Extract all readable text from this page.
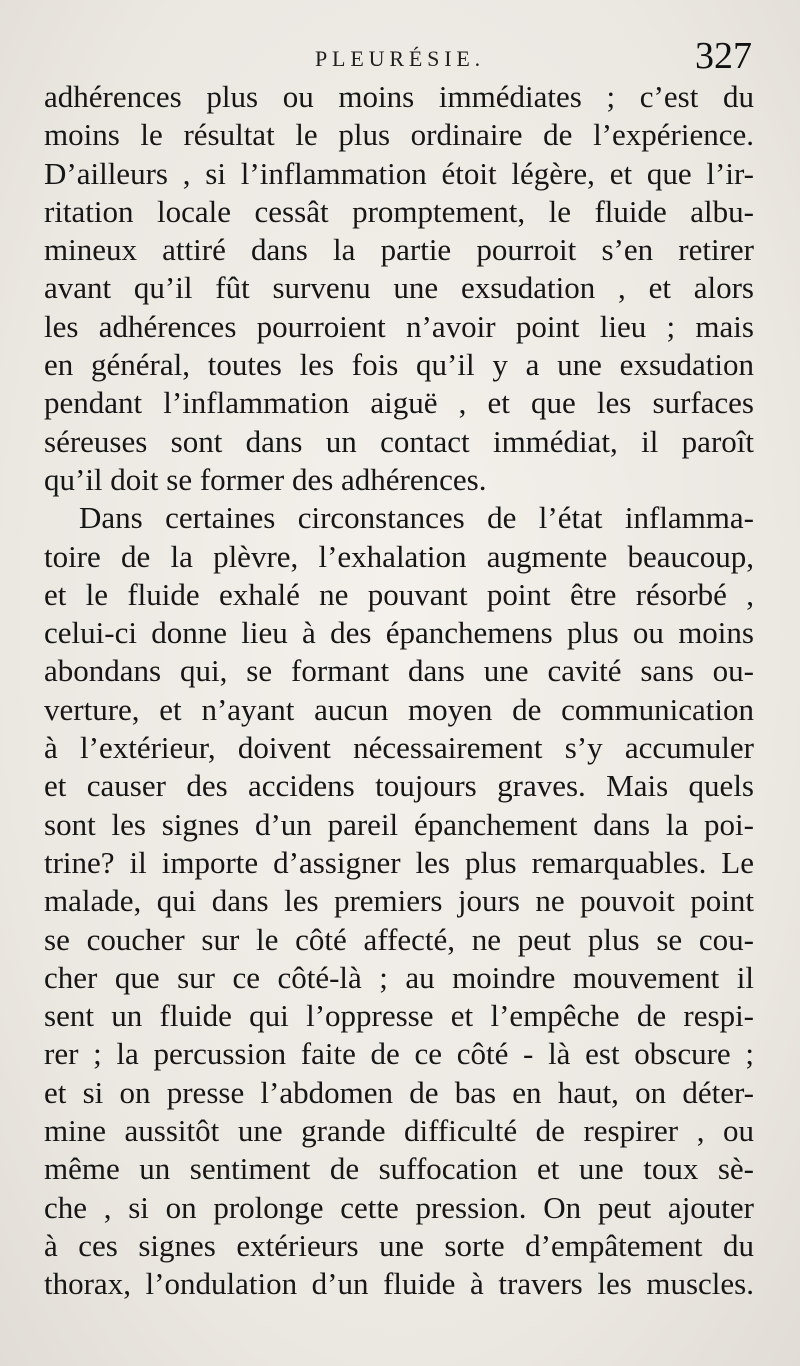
PLEURÉSIE.	327
adhérences plus ou moins immédiates ; c’est du
moins le résultat le plus ordinaire de l’expérience.
D’ailleurs , si l’inflammation étoit légère, et que l’ir-
ritation locale cessât promptement, le fluide albu-
mineux attiré dans la partie pourroit s’en retirer
avant qu’il fût survenu une exsudation , et alors
les adhérences pourroient n’avoir point lieu ; mais
en général, toutes les fois qu’il y a une exsudation
pendant l’inflammation aiguë , et que les surfaces
séreuses sont dans un contact immédiat, il paroît
qu’il doit se former des adhérences.
Dans certaines circonstances de l’état inflamma-
toire de la plèvre, l’exhalation augmente beaucoup,
et le fluide exhalé ne pouvant point être résorbé ,
celui-ci donne lieu à des épanchemens plus ou moins
abondans qui, se formant dans une cavité sans ou-
verture, et n’ayant aucun moyen de communication
à l’extérieur, doivent nécessairement s’y accumuler
et causer des accidens toujours graves. Mais quels
sont les signes d’un pareil épanchement dans la poi-
trine? il importe d’assigner les plus remarquables. Le
malade, qui dans les premiers jours ne pouvoit point
se coucher sur le côté affecté, ne peut plus se cou-
cher que sur ce côté-là ; au moindre mouvement il
sent un fluide qui l’oppresse et l’empêche de respi-
rer ; la percussion faite de ce côté - là est obscure ;
et si on presse l’abdomen de bas en haut, on déter-
mine aussitôt une grande difficulté de respirer , ou
même un sentiment de suffocation et une toux sè-
che , si on prolonge cette pression. On peut ajouter
à ces signes extérieurs une sorte d’empâtement du
thorax, l’ondulation d’un fluide à travers les muscles.
